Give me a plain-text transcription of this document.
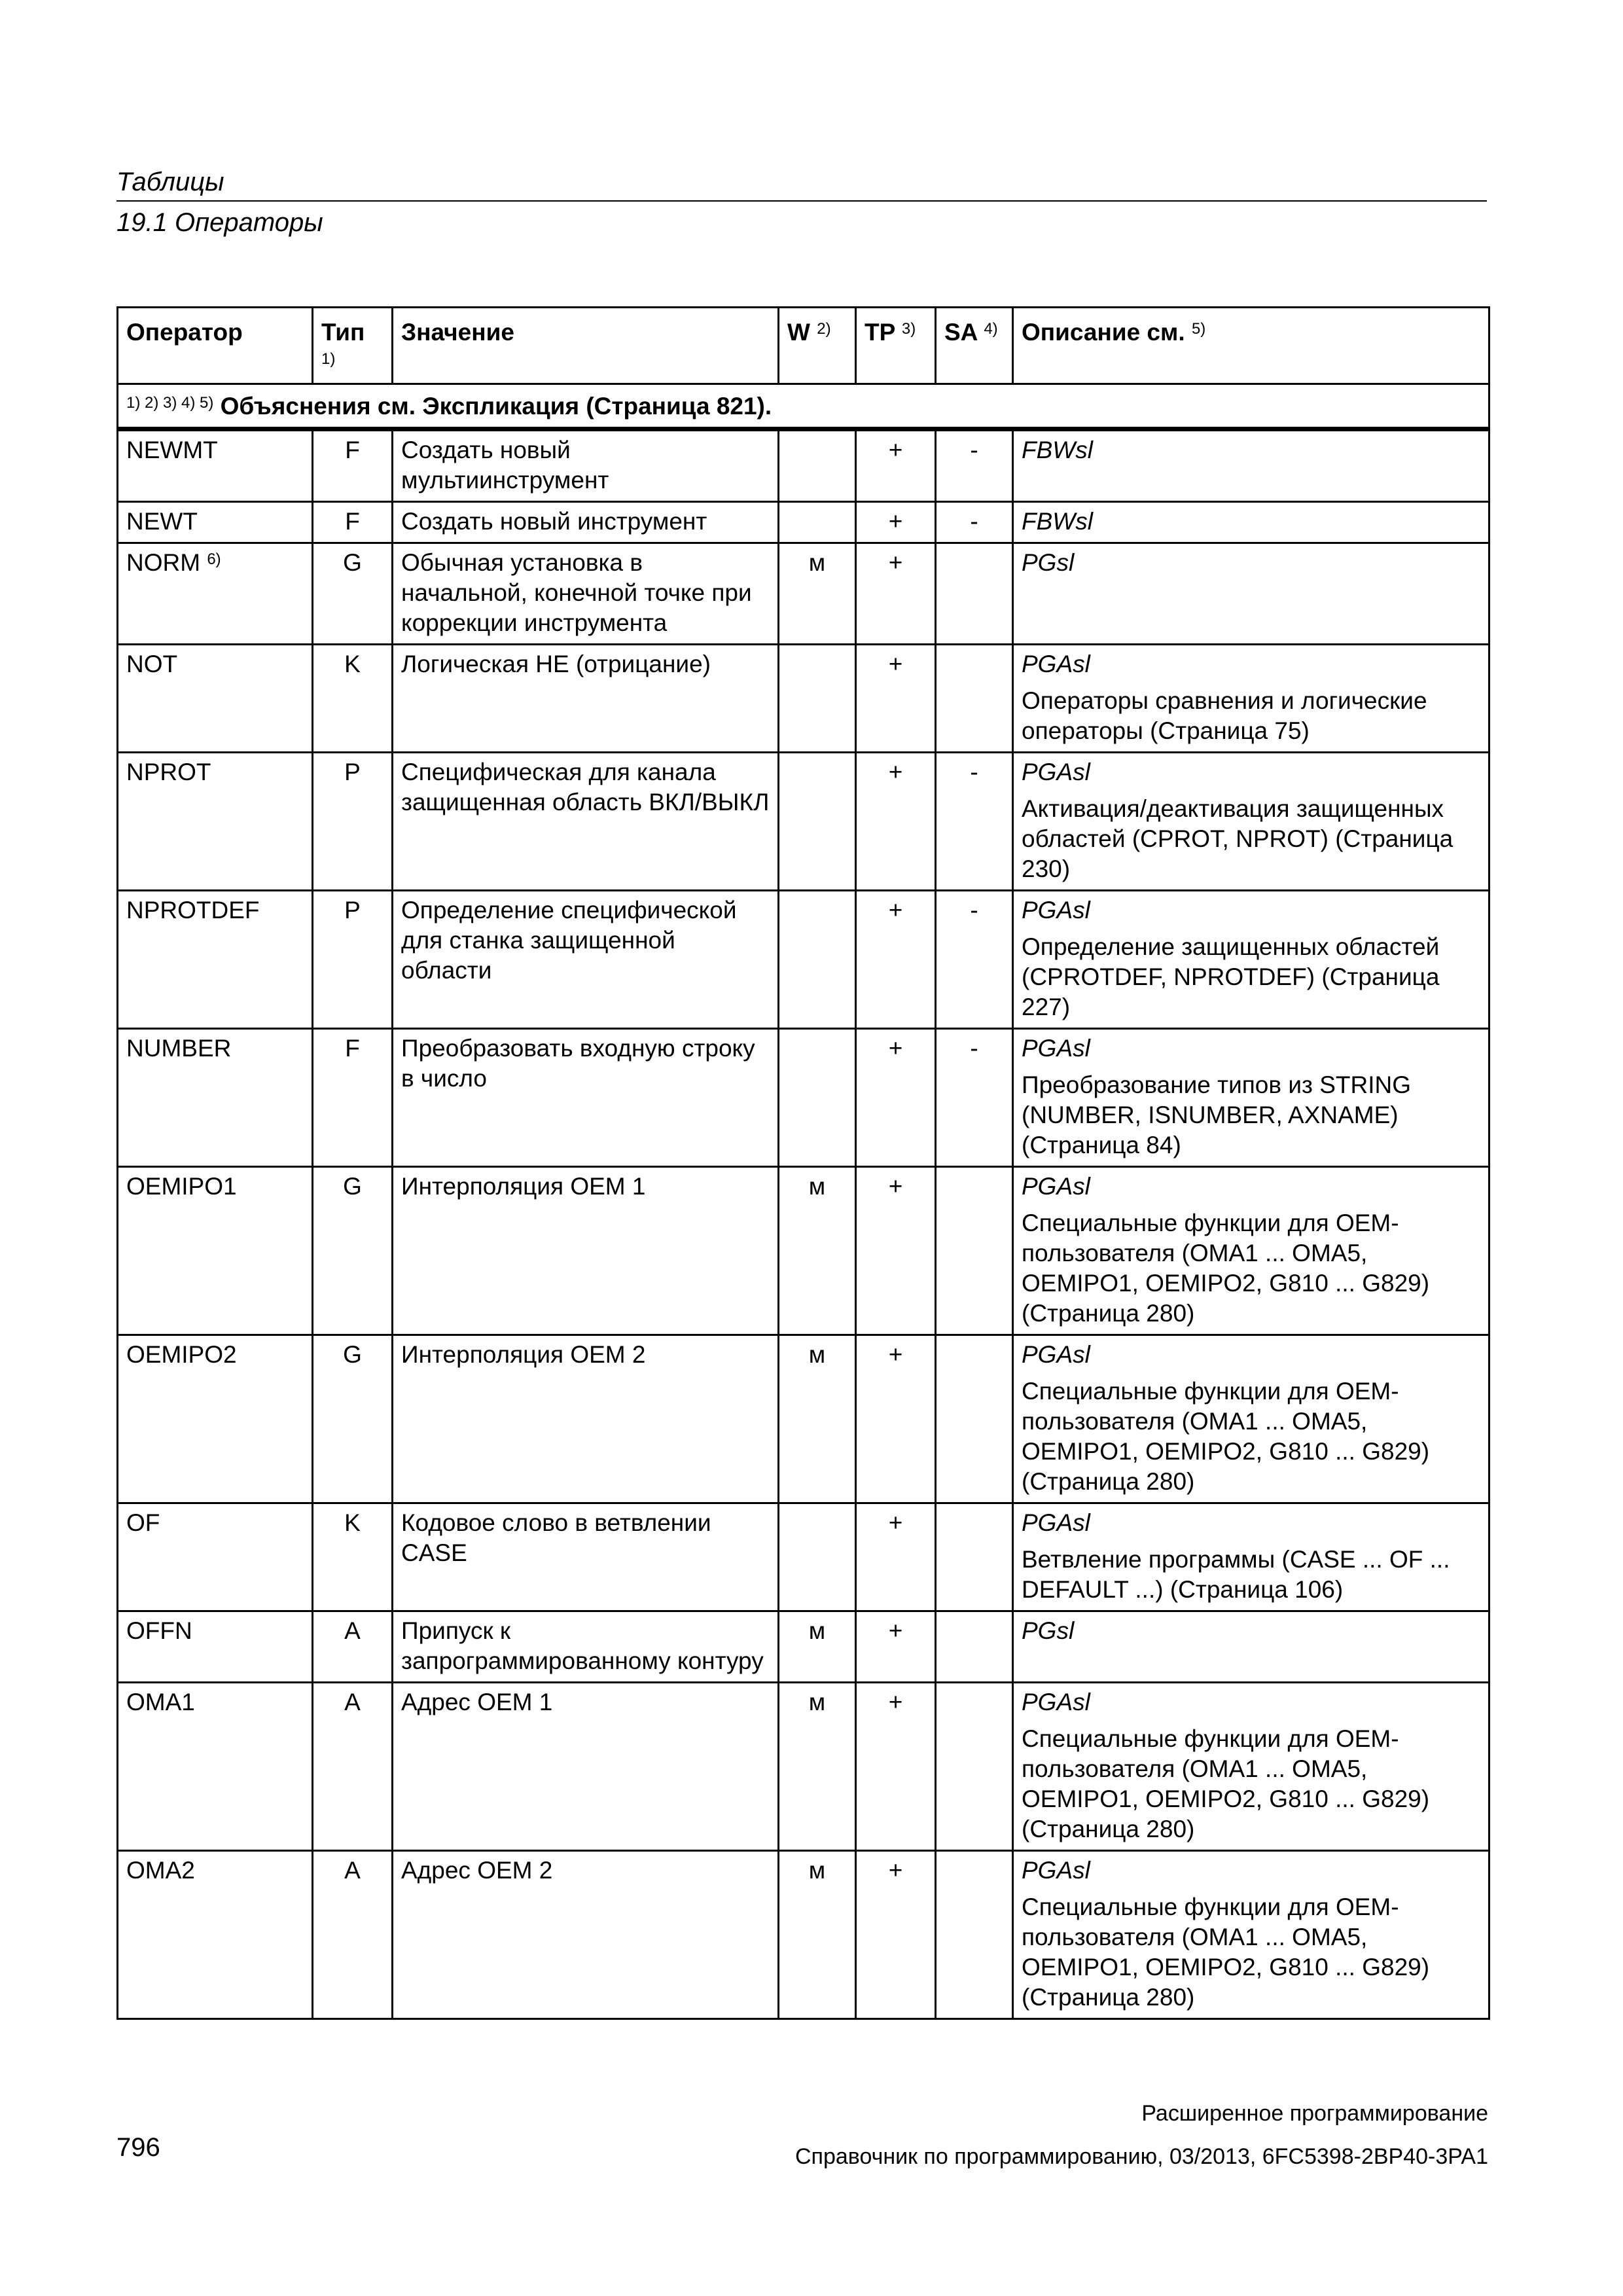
Таблицы
19.1 Операторы
Оператор	Тип $^{1)}$	Значение	W $^{2)}$	TP $^{3)}$	SA $^{4)}$	Описание см. $^{5)}$
$^{1) 2) 3) 4) 5)}$ Объяснения см. Экспликация (Страница 821).						
NEWMT	F	Создать новый мультиинструмент		+	-	FBWsl

NEWT	F	Создать новый инструмент		+	-	FBWsl

NORM $^{6)}$	G	Обычная установка в начальной, конечной точке при коррекции инструмента	м	+		PGsl

NOT	K	Логическая НЕ (отрицание)		+		PGAsl
Операторы сравнения и логические операторы (Страница 75)

NPROT	P	Специфическая для канала защищенная область ВКЛ/ВЫКЛ		+	-	PGAsl
Активация/деактивация защищенных областей (CPROT, NPROT) (Страница 230)

NPROTDEF	P	Определение специфической для станка защищенной области		+	-	PGAsl
Определение защищенных областей (CPROTDEF, NPROTDEF) (Страница 227)

NUMBER	F	Преобразовать входную строку в число		+	-	PGAsl
Преобразование типов из STRING (NUMBER, ISNUMBER, AXNAME) (Страница 84)

OEMIPO1	G	Интерполяция OEM 1	м	+		PGAsl
Специальные функции для OEM-пользователя (OMA1 ... OMA5, OEMIPO1, OEMIPO2, G810 ... G829) (Страница 280)

OEMIPO2	G	Интерполяция OEM 2	м	+		PGAsl
Специальные функции для OEM-пользователя (OMA1 ... OMA5, OEMIPO1, OEMIPO2, G810 ... G829) (Страница 280)

OF	K	Кодовое слово в ветвлении CASE		+		PGAsl
Ветвление программы (CASE ... OF ... DEFAULT ...) (Страница 106)

OFFN	A	Припуск к запрограммированному контуру	м	+		PGsl

OMA1	A	Адрес OEM 1	м	+		PGAsl
Специальные функции для OEM-пользователя (OMA1 ... OMA5, OEMIPO1, OEMIPO2, G810 ... G829) (Страница 280)

OMA2	A	Адрес OEM 2	м	+		PGAsl
Специальные функции для OEM-пользователя (OMA1 ... OMA5, OEMIPO1, OEMIPO2, G810 ... G829) (Страница 280)
Расширенное программирование
796	Справочник по программированию, 03/2013, 6FC5398-2BP40-3PA1
